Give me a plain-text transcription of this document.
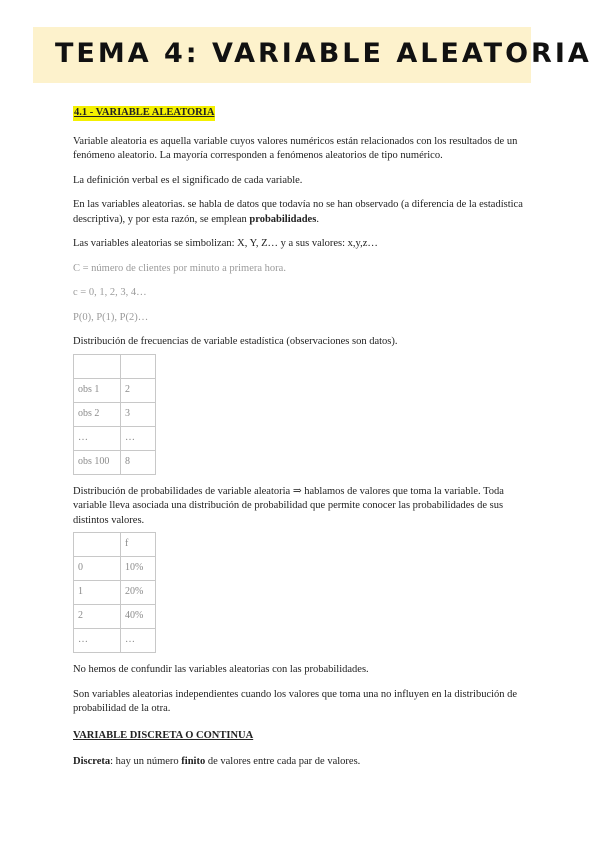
TEMA 4: VARIABLE ALEATORIA
4.1 - VARIABLE ALEATORIA

Variable aleatoria es aquella variable cuyos valores numéricos están relacionados con los resultados de un fenómeno aleatorio. La mayoría corresponden a fenómenos aleatorios de tipo numérico.

La definición verbal es el significado de cada variable.

En las variables aleatorias. se habla de datos que todavía no se han observado (a diferencia de la estadística descriptiva), y por esta razón, se emplean probabilidades.

Las variables aleatorias se simbolizan: X, Y, Z… y a sus valores: x,y,z…

C = número de clientes por minuto a primera hora.

c = 0, 1, 2, 3, 4…

P(0), P(1), P(2)…

Distribución de frecuencias de variable estadística (observaciones son datos).

obs 1	2
obs 2	3
…	…
obs 100	8

Distribución de probabilidades de variable aleatoria ⇒ hablamos de valores que toma la variable. Toda variable lleva asociada una distribución de probabilidad que permite conocer las probabilidades de sus distintos valores.

	f
0	10%
1	20%
2	40%
…	…

No hemos de confundir las variables aleatorias con las probabilidades.

Son variables aleatorias independientes cuando los valores que toma una no influyen en la distribución de probabilidad de la otra.

VARIABLE DISCRETA O CONTINUA

Discreta: hay un número finito de valores entre cada par de valores.
